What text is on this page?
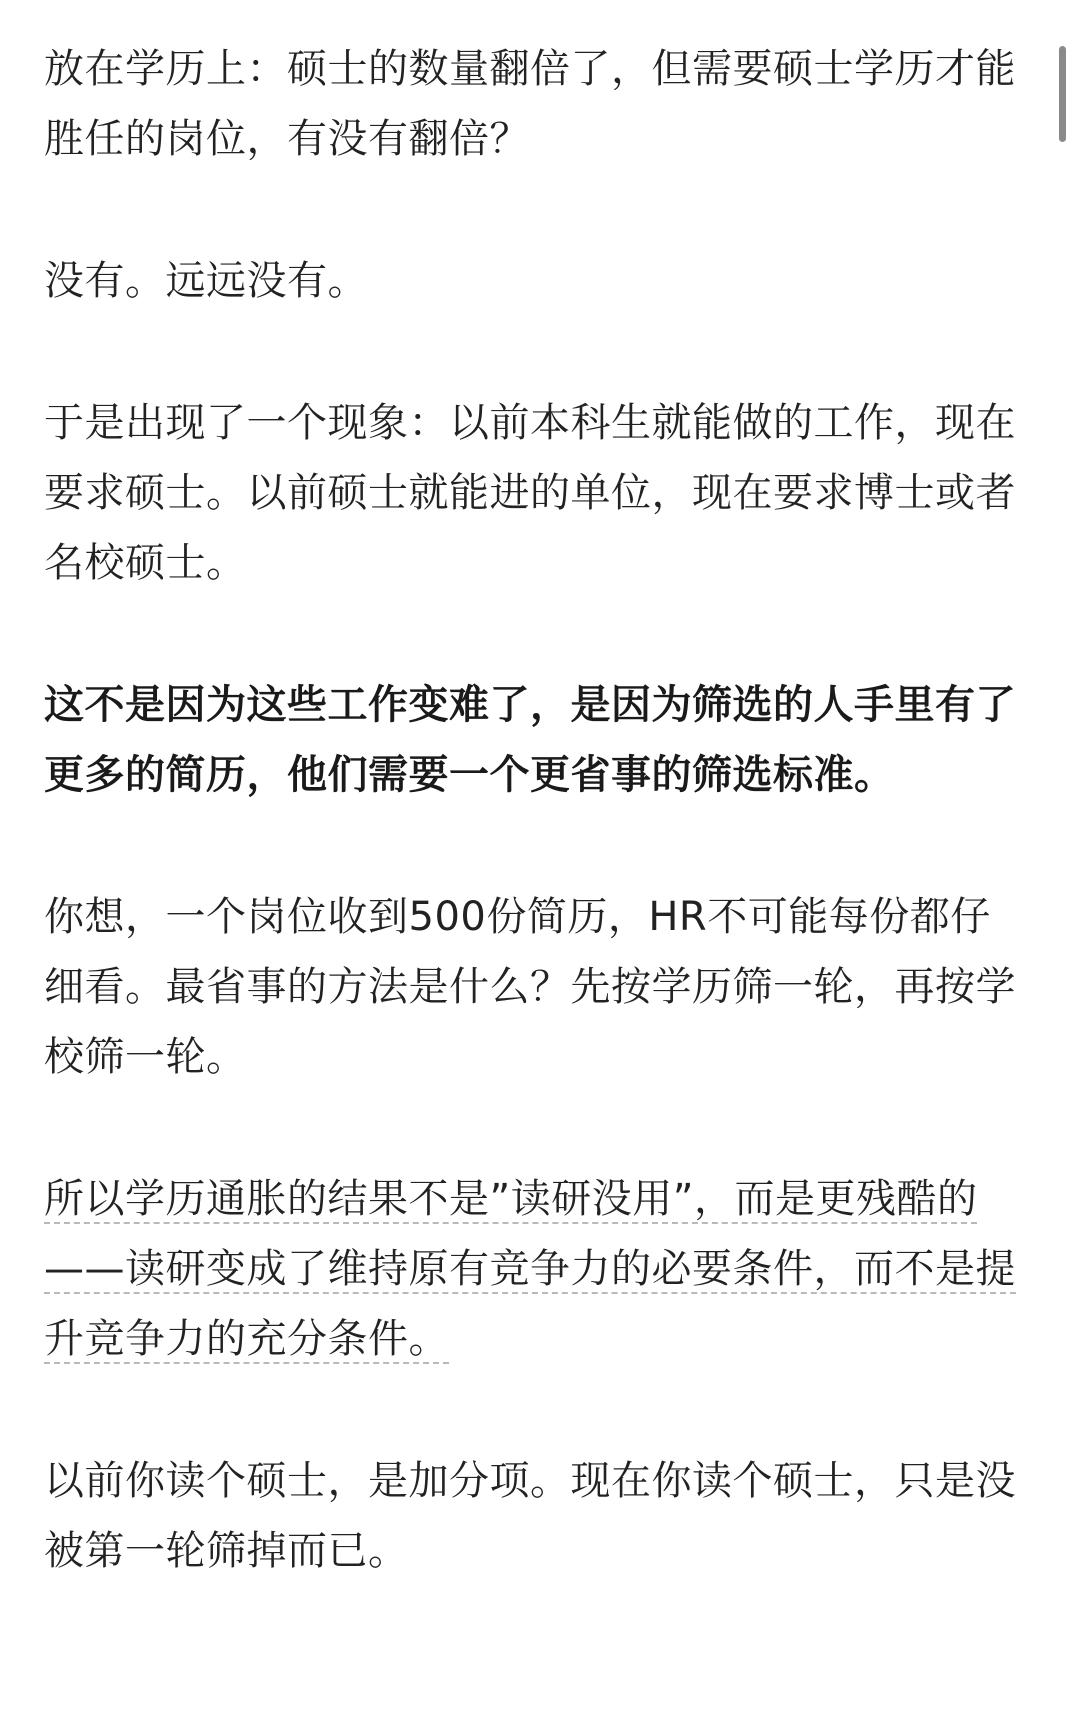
放在学历上：硕士的数量翻倍了，但需要硕士学历才能胜任的岗位，有没有翻倍？

没有。远远没有。

于是出现了一个现象：以前本科生就能做的工作，现在要求硕士。以前硕士就能进的单位，现在要求博士或者名校硕士。

这不是因为这些工作变难了，是因为筛选的人手里有了更多的简历，他们需要一个更省事的筛选标准。

你想，一个岗位收到500份简历，HR不可能每份都仔细看。最省事的方法是什么？先按学历筛一轮，再按学校筛一轮。

所以学历通胀的结果不是”读研没用”，而是更残酷的——读研变成了维持原有竞争力的必要条件，而不是提升竞争力的充分条件。

以前你读个硕士，是加分项。现在你读个硕士，只是没被第一轮筛掉而已。
